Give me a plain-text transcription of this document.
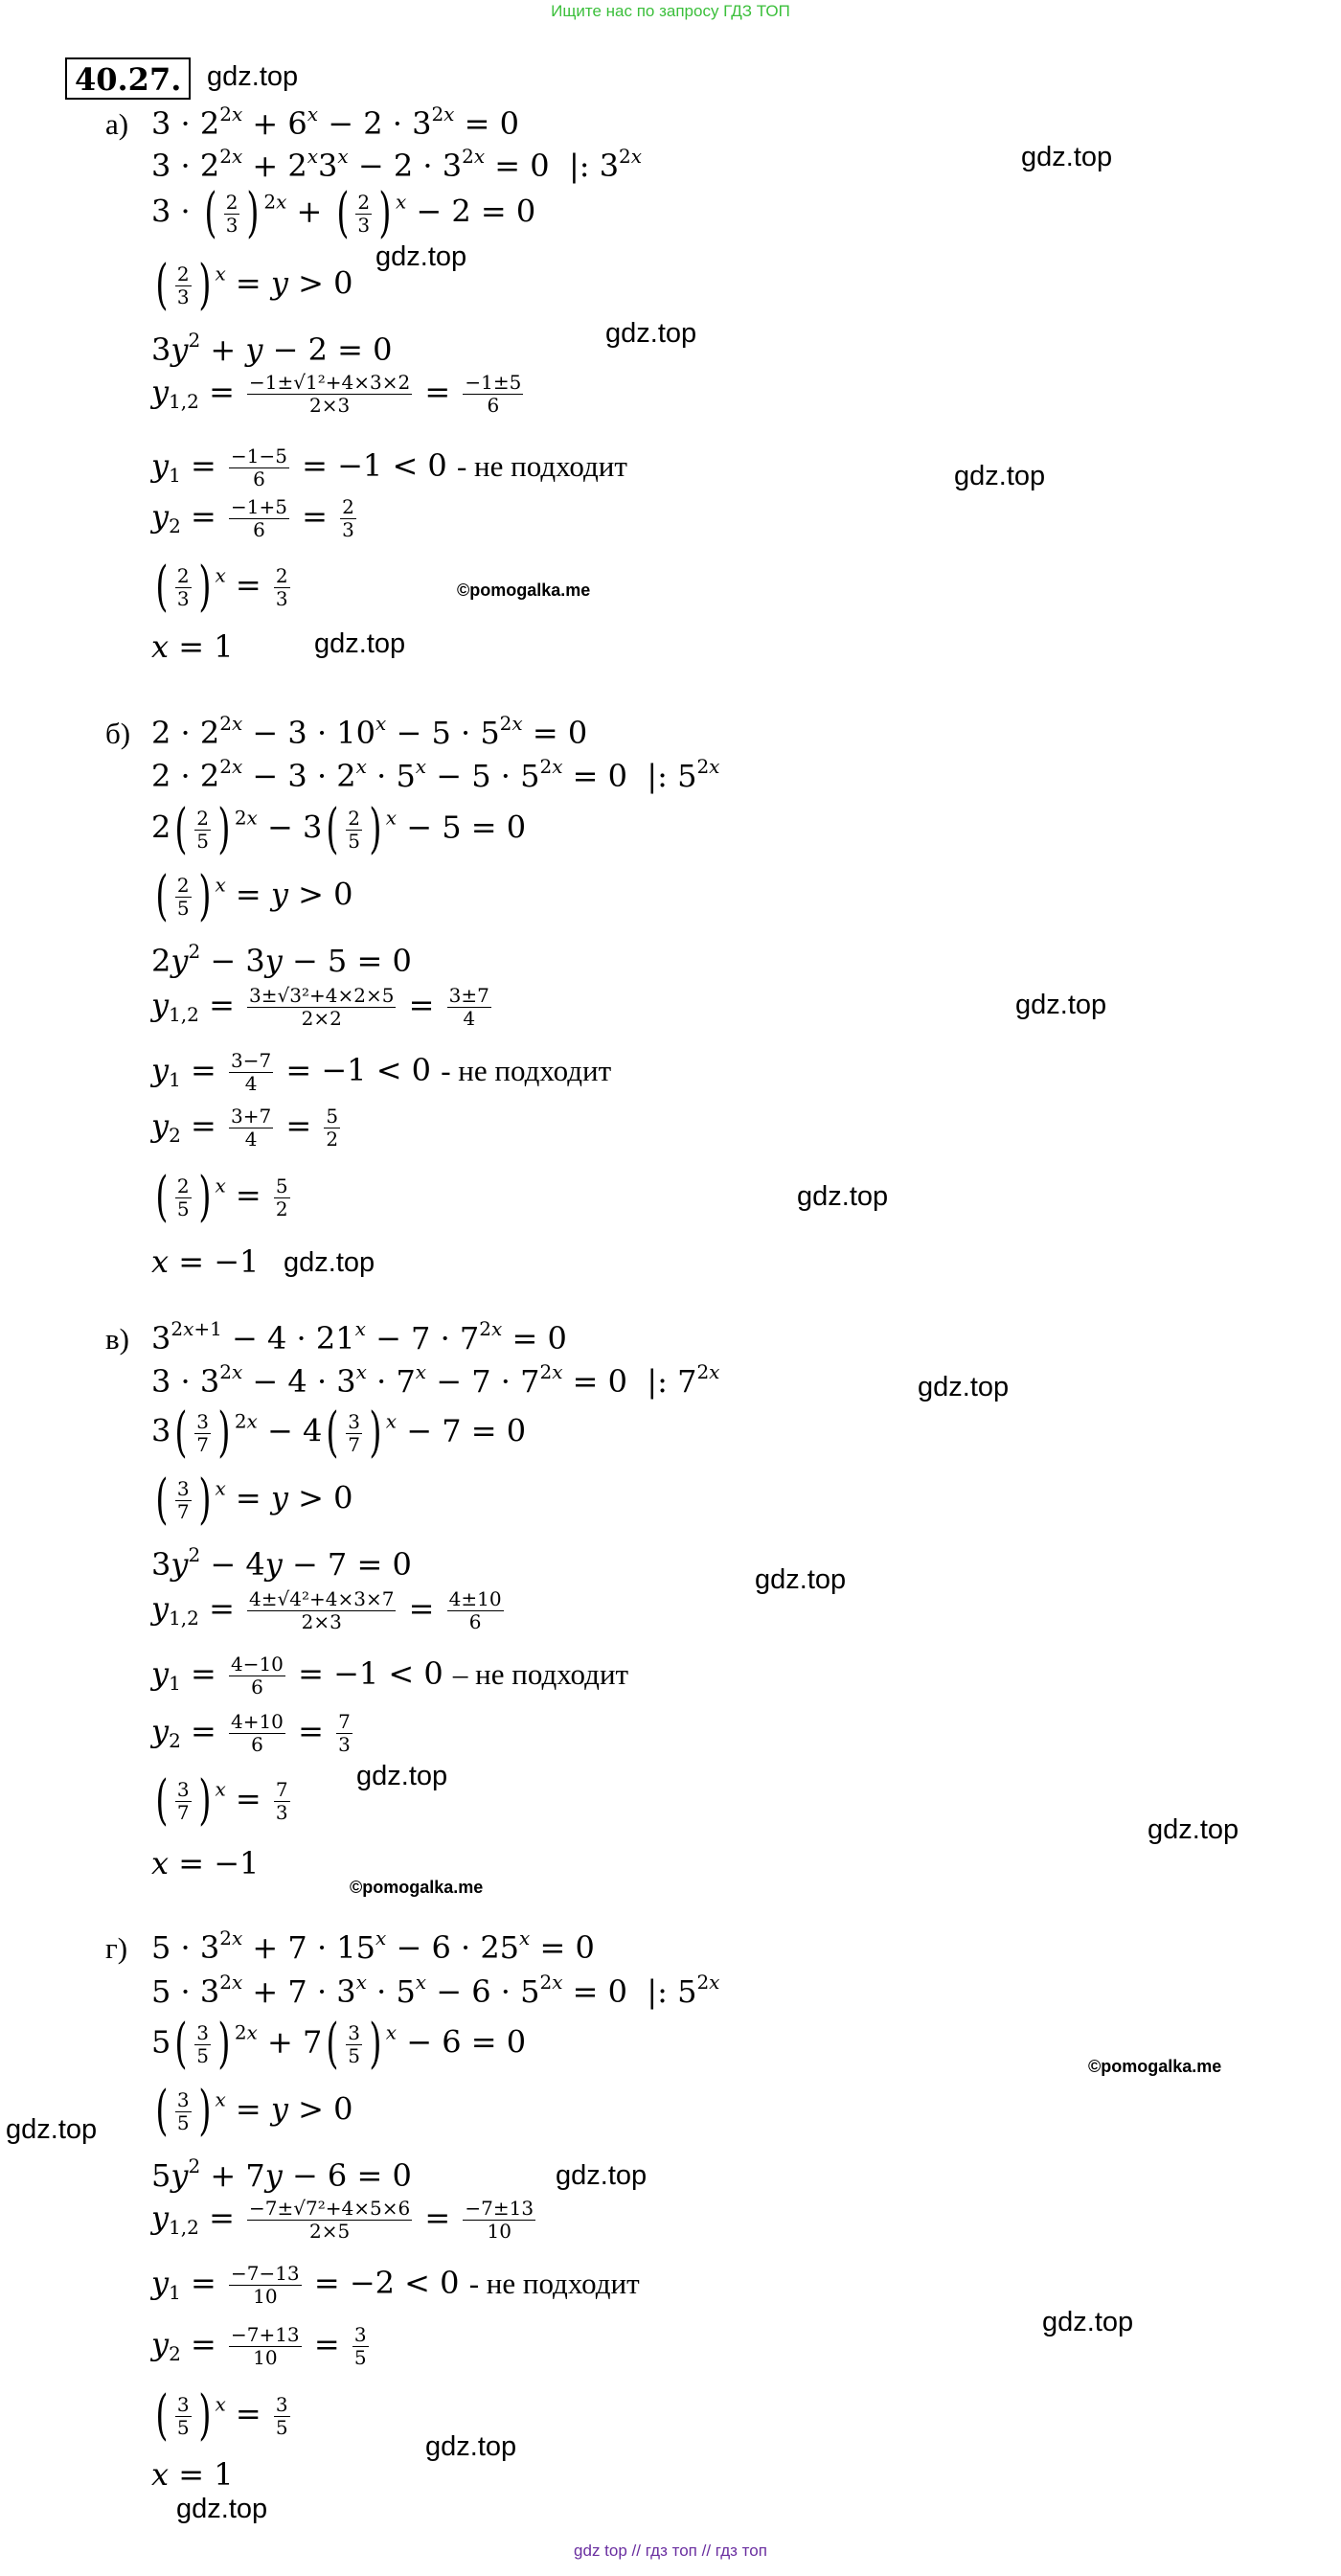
Ищите нас по запросу ГДЗ ТОП
40.27. gdz.top
gdz.top
gdz.top
gdz.top
gdz.top
©pomogalka.me
gdz.top
gdz.top
gdz.top
gdz.top
gdz.top
gdz.top
gdz.top
gdz.top
©pomogalka.me
©pomogalka.me
gdz.top
gdz.top
gdz.top
gdz.top
gdz.top
а) $3 \cdot 2^{2x} + 6^x - 2 \cdot 3^{2x} = 0$
$3 \cdot 2^{2x} + 2^x3^x - 2 \cdot 3^{2x} = 0$  |: $3^{2x}$
3 · ( $\frac{2}{3}$ ) $^{2x}$ + ( $\frac{2}{3}$ ) $^x$ − 2 = 0
( $\frac{2}{3}$ ) $^x$ = y > 0
$3y^2 + y - 2 = 0$
$y_{1,2} = \frac{\text{−1±√1²+4×3×2}}{2\times 3} = \frac{-1\pm 5}{6}$
$y_1 = \frac{-1-5}{6} = -1 < 0$ - не подходит
$y_2 = \frac{-1+5}{6} = \frac{2}{3}$
( $\frac{2}{3}$ ) $^x = \frac{2}{3}$
x = 1
б) $2 \cdot 2^{2x} - 3 \cdot 10^x - 5 \cdot 5^{2x} = 0$
$2 \cdot 2^{2x} - 3 \cdot 2^x \cdot 5^x - 5 \cdot 5^{2x} = 0$  |: $5^{2x}$
2 ( $\frac{2}{5}$ ) $^{2x}$ − 3 ( $\frac{2}{5}$ ) $^x$ − 5 = 0
( $\frac{2}{5}$ ) $^x$ = y > 0
$2y^2 - 3y - 5 = 0$
$y_{1,2} = \frac{\text{3±√3²+4×2×5}}{2\times 2} = \frac{3\pm 7}{4}$
$y_1 = \frac{3-7}{4} = -1 < 0$ - не подходит
$y_2 = \frac{3+7}{4} = \frac{5}{2}$
( $\frac{2}{5}$ ) $^x = \frac{5}{2}$
x = −1
в) $3^{2x+1} - 4 \cdot 21^x - 7 \cdot 7^{2x} = 0$
$3 \cdot 3^{2x} - 4 \cdot 3^x \cdot 7^x - 7 \cdot 7^{2x} = 0$  |: $7^{2x}$
3 ( $\frac{3}{7}$ ) $^{2x}$ − 4 ( $\frac{3}{7}$ ) $^x$ − 7 = 0
( $\frac{3}{7}$ ) $^x$ = y > 0
$3y^2 - 4y - 7 = 0$
$y_{1,2} = \frac{\text{4±√4²+4×3×7}}{2\times 3} = \frac{4\pm 10}{6}$
$y_1 = \frac{4-10}{6} = -1 < 0$ – не подходит
$y_2 = \frac{4+10}{6} = \frac{7}{3}$
( $\frac{3}{7}$ ) $^x = \frac{7}{3}$
x = −1
г) $5 \cdot 3^{2x} + 7 \cdot 15^x - 6 \cdot 25^x = 0$
$5 \cdot 3^{2x} + 7 \cdot 3^x \cdot 5^x - 6 \cdot 5^{2x} = 0$  |: $5^{2x}$
5 ( $\frac{3}{5}$ ) $^{2x}$ + 7 ( $\frac{3}{5}$ ) $^x$ − 6 = 0
( $\frac{3}{5}$ ) $^x$ = y > 0
$5y^2 + 7y - 6 = 0$
$y_{1,2} = \frac{\text{−7±√7²+4×5×6}}{2\times 5} = \frac{-7\pm 13}{10}$
$y_1 = \frac{-7-13}{10} = -2 < 0$ - не подходит
$y_2 = \frac{-7+13}{10} = \frac{3}{5}$
( $\frac{3}{5}$ ) $^x = \frac{3}{5}$
x = 1
gdz top // гдз топ // гдз топ
